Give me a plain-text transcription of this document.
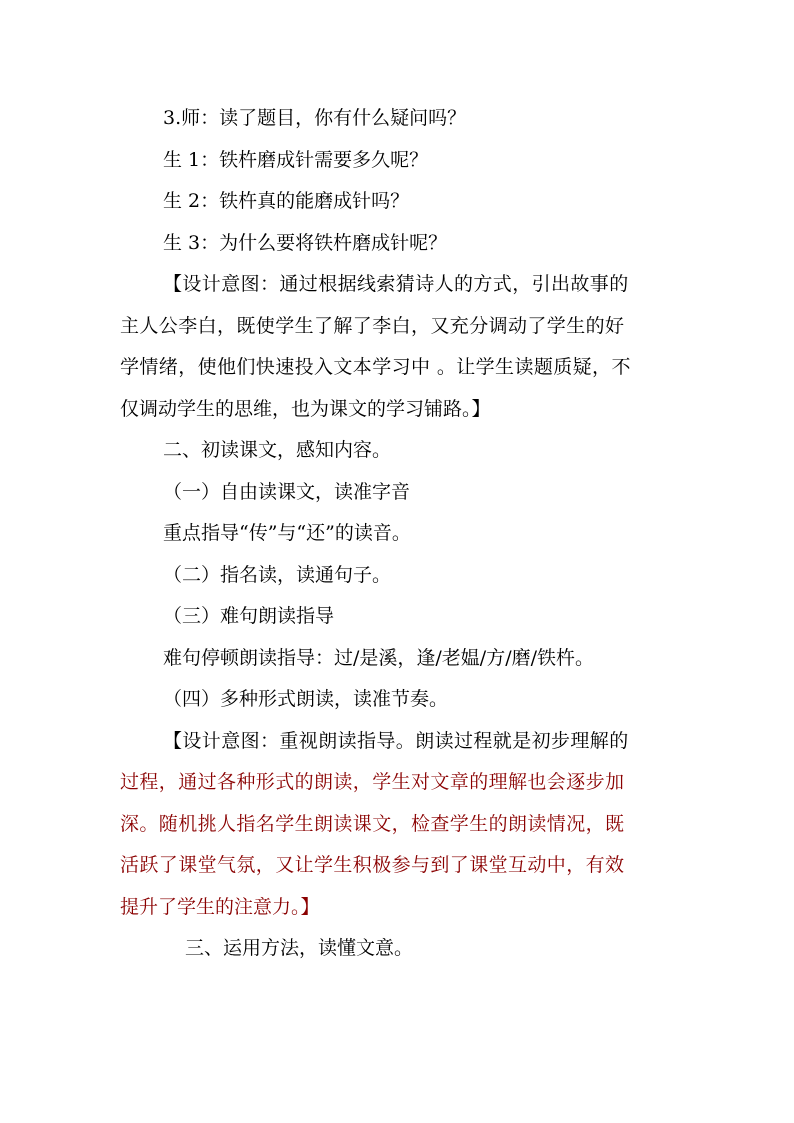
3.师：读了题目，你有什么疑问吗？
生 1：铁杵磨成针需要多久呢？
生 2：铁杵真的能磨成针吗？
生 3：为什么要将铁杵磨成针呢？
【设计意图：通过根据线索猜诗人的方式，引出故事的
主人公李白，既使学生了解了李白，又充分调动了学生的好
学情绪，使他们快速投入文本学习中 。让学生读题质疑，不
仅调动学生的思维，也为课文的学习铺路。】
二、初读课文，感知内容。
（一）自由读课文，读准字音
重点指导“传”与“还”的读音。
（二）指名读，读通句子。
（三）难句朗读指导
难句停顿朗读指导：过/是溪，逢/老媪/方/磨/铁杵。
（四）多种形式朗读，读准节奏。
【设计意图：重视朗读指导。朗读过程就是初步理解的
过程，通过各种形式的朗读，学生对文章的理解也会逐步加
深。随机挑人指名学生朗读课文，检查学生的朗读情况，既
活跃了课堂气氛，又让学生积极参与到了课堂互动中，有效
提升了学生的注意力。】
三、运用方法，读懂文意。
